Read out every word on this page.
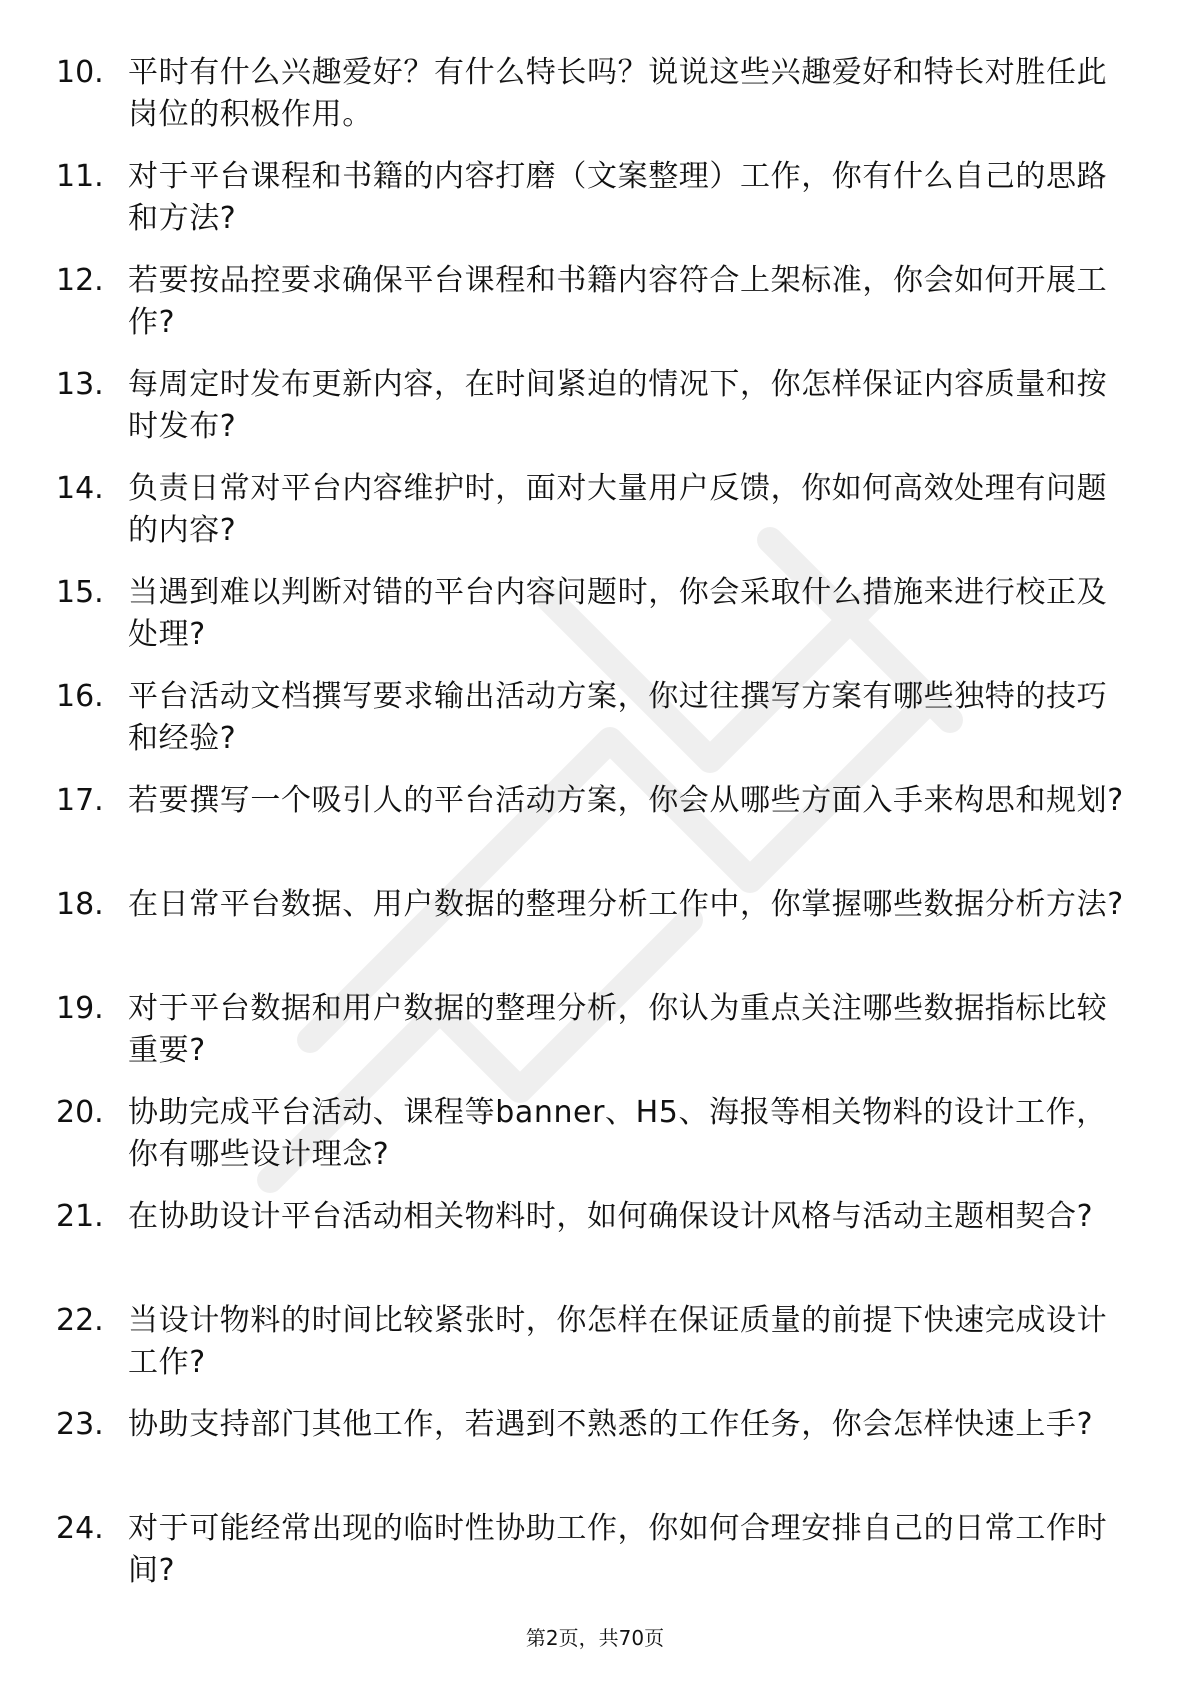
10. 平时有什么兴趣爱好？有什么特长吗？说说这些兴趣爱好和特长对胜任此岗位的积极作用。
11. 对于平台课程和书籍的内容打磨（文案整理）工作，你有什么自己的思路和方法?
12. 若要按品控要求确保平台课程和书籍内容符合上架标准，你会如何开展工作?
13. 每周定时发布更新内容，在时间紧迫的情况下，你怎样保证内容质量和按时发布?
14. 负责日常对平台内容维护时，面对大量用户反馈，你如何高效处理有问题的内容?
15. 当遇到难以判断对错的平台内容问题时，你会采取什么措施来进行校正及处理?
16. 平台活动文档撰写要求输出活动方案，你过往撰写方案有哪些独特的技巧和经验?
17. 若要撰写一个吸引人的平台活动方案，你会从哪些方面入手来构思和规划?
18. 在日常平台数据、用户数据的整理分析工作中，你掌握哪些数据分析方法?
19. 对于平台数据和用户数据的整理分析，你认为重点关注哪些数据指标比较重要?
20. 协助完成平台活动、课程等banner、H5、海报等相关物料的设计工作，你有哪些设计理念?
21. 在协助设计平台活动相关物料时，如何确保设计风格与活动主题相契合?
22. 当设计物料的时间比较紧张时，你怎样在保证质量的前提下快速完成设计工作?
23. 协助支持部门其他工作，若遇到不熟悉的工作任务，你会怎样快速上手?
24. 对于可能经常出现的临时性协助工作，你如何合理安排自己的日常工作时间?
第2页，共70页
